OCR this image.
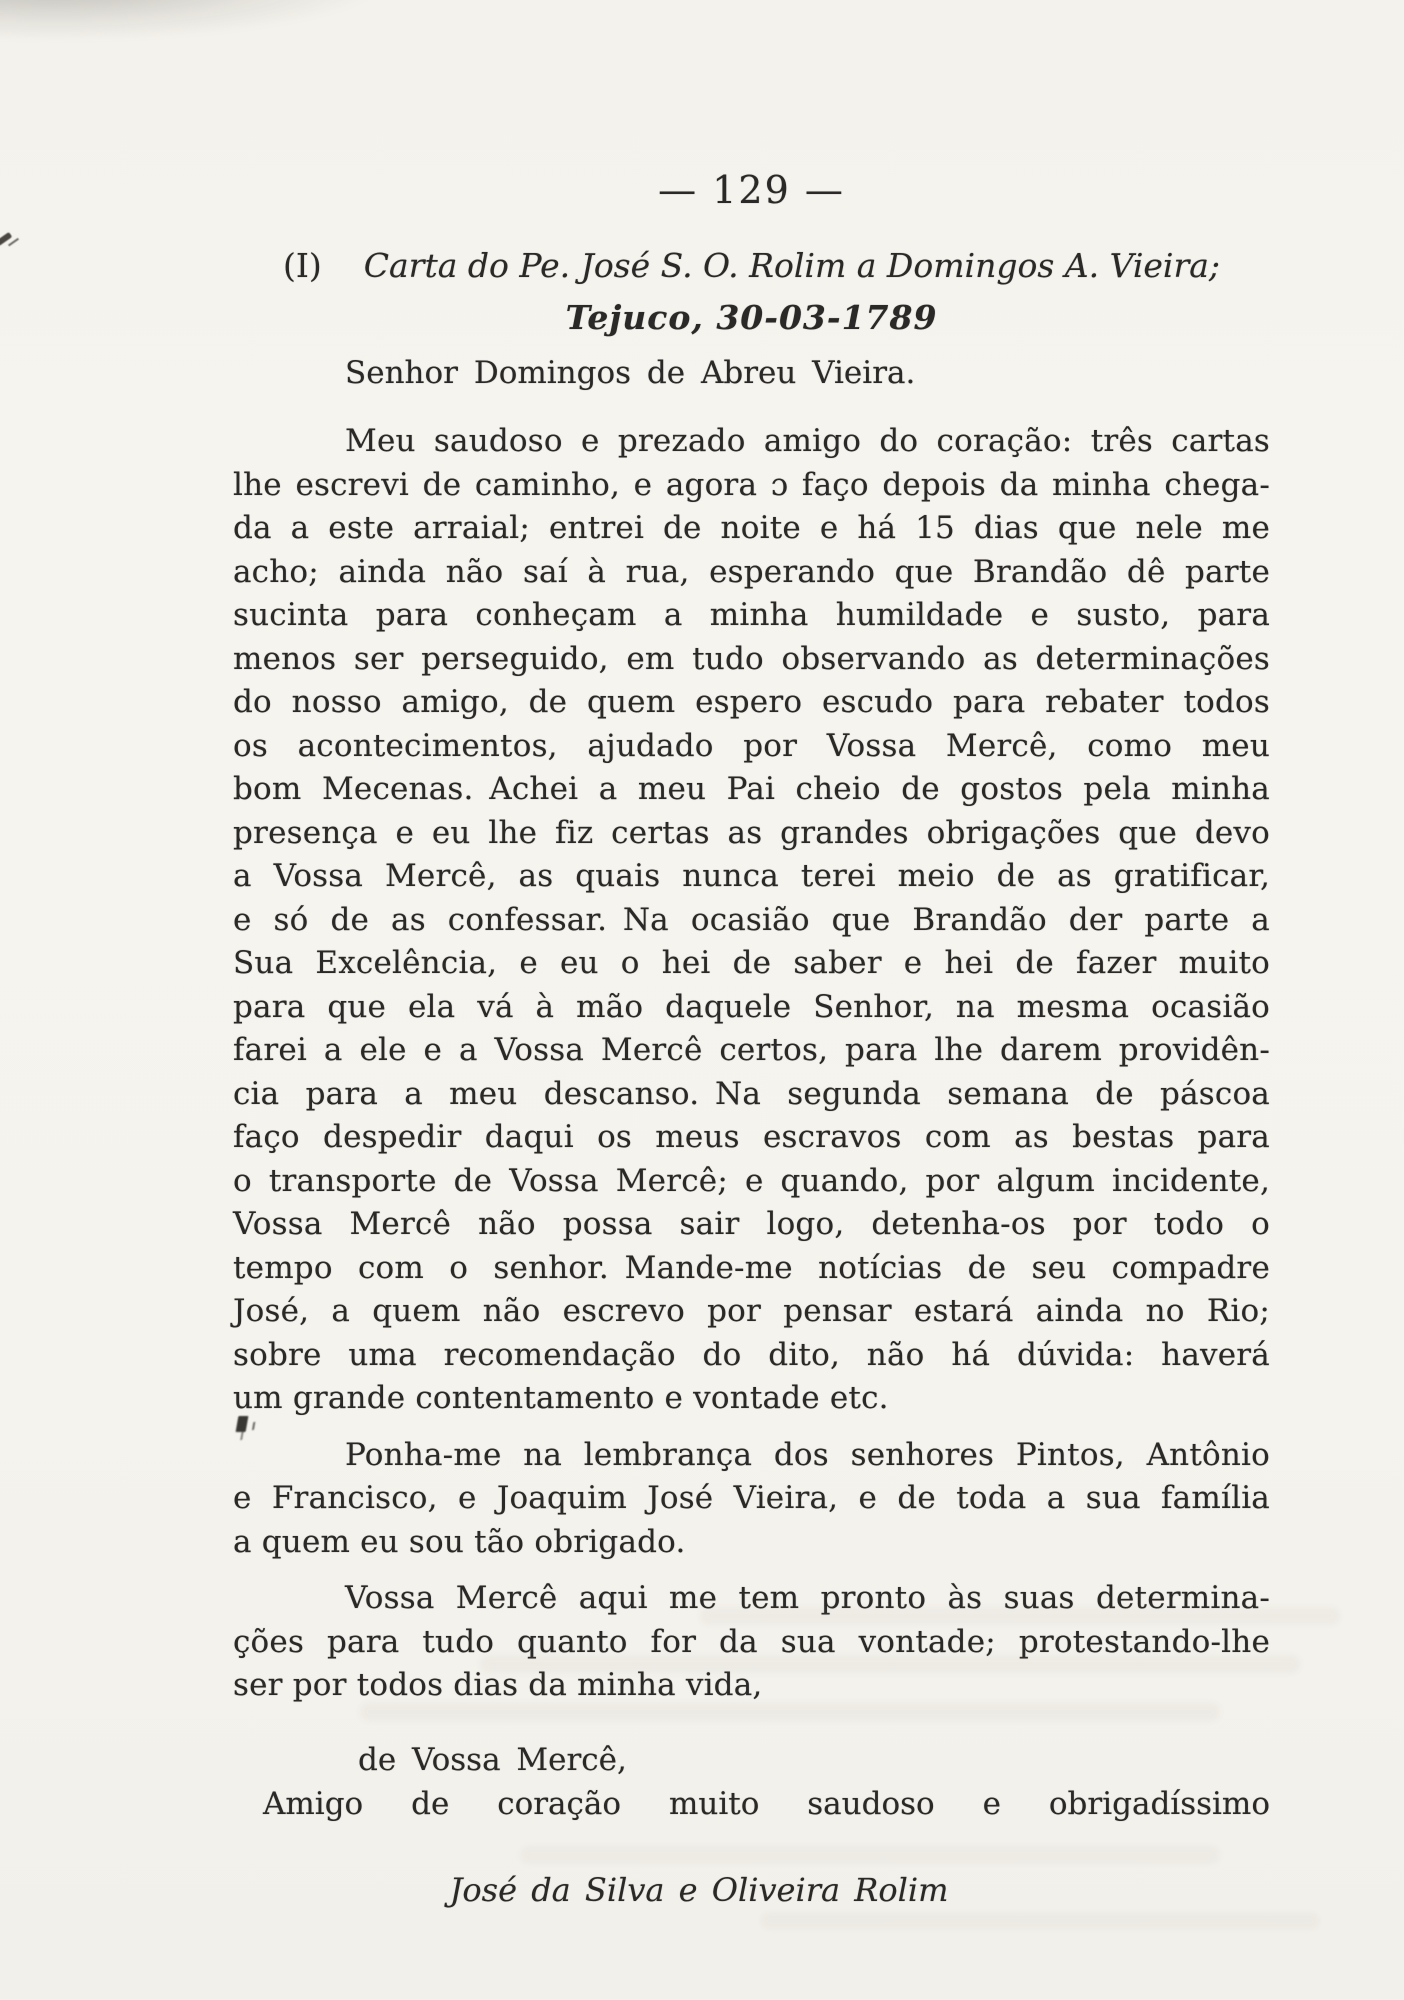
— 129 —
(I) Carta do Pe. José S. O. Rolim a Domingos A. Vieira;
Tejuco, 30-03-1789
Senhor Domingos de Abreu Vieira.
Meu saudoso e prezado amigo do coração: três cartas
lhe escrevi de caminho, e agora ɔ faço depois da minha chega-
da a este arraial; entrei de noite e há 15 dias que nele me
acho; ainda não saí à rua, esperando que Brandão dê parte
sucinta para conheçam a minha humildade e susto, para
menos ser perseguido, em tudo observando as determinações
do nosso amigo, de quem espero escudo para rebater todos
os acontecimentos, ajudado por Vossa Mercê, como meu
bom Mecenas. Achei a meu Pai cheio de gostos pela minha
presença e eu lhe fiz certas as grandes obrigações que devo
a Vossa Mercê, as quais nunca terei meio de as gratificar,
e só de as confessar. Na ocasião que Brandão der parte a
Sua Excelência, e eu o hei de saber e hei de fazer muito
para que ela vá à mão daquele Senhor, na mesma ocasião
farei a ele e a Vossa Mercê certos, para lhe darem providên-
cia para a meu descanso. Na segunda semana de páscoa
faço despedir daqui os meus escravos com as bestas para
o transporte de Vossa Mercê; e quando, por algum incidente,
Vossa Mercê não possa sair logo, detenha-os por todo o
tempo com o senhor. Mande-me notícias de seu compadre
José, a quem não escrevo por pensar estará ainda no Rio;
sobre uma recomendação do dito, não há dúvida: haverá
um grande contentamento e vontade etc.
Ponha-me na lembrança dos senhores Pintos, Antônio
e Francisco, e Joaquim José Vieira, e de toda a sua família
a quem eu sou tão obrigado.
Vossa Mercê aqui me tem pronto às suas determina-
ções para tudo quanto for da sua vontade; protestando-lhe
ser por todos dias da minha vida,
de Vossa Mercê,
Amigo de coração muito saudoso e obrigadíssimo
José da Silva e Oliveira Rolim
